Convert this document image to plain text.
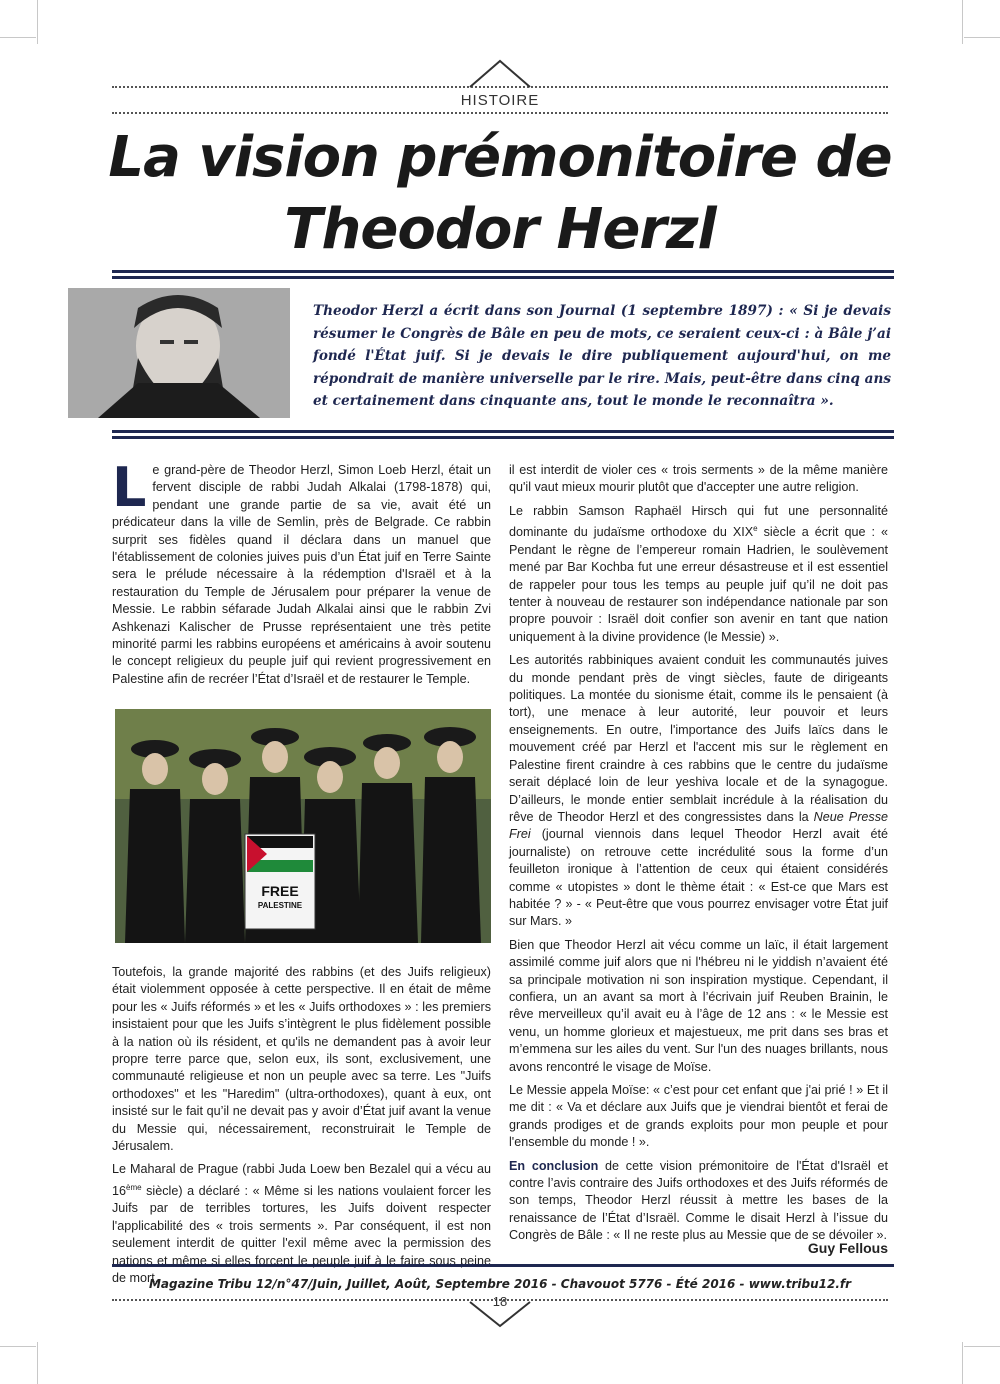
HISTOIRE
La vision prémonitoire de
Theodor Herzl

Theodor Herzl a écrit dans son Journal (1 septembre 1897) : « Si je devais résumer le Congrès de Bâle en peu de mots, ce seraient ceux-ci : à Bâle j’ai fondé l'État juif. Si je devais le dire publiquement aujourd'hui, on me répondrait de manière universelle par le rire. Mais, peut-être dans cinq ans et certainement dans cinquante ans, tout le monde le reconnaîtra ».

Le grand-père de Theodor Herzl, Simon Loeb Herzl, était un fervent disciple de rabbi Judah Alkalai (1798-1878) qui, pendant une grande partie de sa vie, avait été un prédicateur dans la ville de Semlin, près de Belgrade. Ce rabbin surprit ses fidèles quand il déclara dans un manuel que l'établissement de colonies juives puis d’un État juif en Terre Sainte sera le prélude nécessaire à la rédemption d'Israël et à la restauration du Temple de Jérusalem pour préparer la venue de Messie. Le rabbin séfarade Judah Alkalai ainsi que le rabbin Zvi Ashkenazi Kalischer de Prusse représentaient une très petite minorité parmi les rabbins européens et américains à avoir soutenu le concept religieux du peuple juif qui revient progressivement en Palestine afin de recréer l’État d’Israël et de restaurer le Temple.

FREE
PALESTINE

Toutefois, la grande majorité des rabbins (et des Juifs religieux) était violemment opposée à cette perspective. Il en était de même pour les « Juifs réformés » et les « Juifs orthodoxes » : les premiers insistaient pour que les Juifs s’intègrent le plus fidèlement possible à la nation où ils résident, et qu'ils ne demandent pas à avoir leur propre terre parce que, selon eux, ils sont, exclusivement, une communauté religieuse et non un peuple avec sa terre. Les "Juifs orthodoxes" et les "Haredim" (ultra-orthodoxes), quant à eux, ont insisté sur le fait qu’il ne devait pas y avoir d’État juif avant la venue du Messie qui, nécessairement, reconstruirait le Temple de Jérusalem.

Le Maharal de Prague (rabbi Juda Loew ben Bezalel qui a vécu au 16ème siècle) a déclaré : « Même si les nations voulaient forcer les Juifs par de terribles tortures, les Juifs doivent respecter l'applicabilité des « trois serments ». Par conséquent, il est non seulement interdit de quitter l'exil même avec la permission des nations et même si elles forcent le peuple juif à le faire sous peine de mort,

il est interdit de violer ces « trois serments » de la même manière qu'il vaut mieux mourir plutôt que d'accepter une autre religion.

Le rabbin Samson Raphaël Hirsch qui fut une personnalité dominante du judaïsme orthodoxe du XIXe siècle a écrit que : « Pendant le règne de l’empereur romain Hadrien, le soulèvement mené par Bar Kochba fut une erreur désastreuse et il est essentiel de rappeler pour tous les temps au peuple juif qu’il ne doit pas tenter à nouveau de restaurer son indépendance nationale par son propre pouvoir : Israël doit confier son avenir en tant que nation uniquement à la divine providence (le Messie) ».

Les autorités rabbiniques avaient conduit les communautés juives du monde pendant près de vingt siècles, faute de dirigeants politiques. La montée du sionisme était, comme ils le pensaient (à tort), une menace à leur autorité, leur pouvoir et leurs enseignements. En outre, l'importance des Juifs laïcs dans le mouvement créé par Herzl et l'accent mis sur le règlement en Palestine firent craindre à ces rabbins que le centre du judaïsme serait déplacé loin de leur yeshiva locale et de la synagogue. D’ailleurs, le monde entier semblait incrédule à la réalisation du rêve de Theodor Herzl et des congressistes dans la Neue Presse Frei (journal viennois dans lequel Theodor Herzl avait été journaliste) on retrouve cette incrédulité sous la forme d’un feuilleton ironique à l’attention de ceux qui étaient considérés comme « utopistes » dont le thème était : « Est-ce que Mars est habitée ? » - « Peut-être que vous pourrez envisager votre État juif sur Mars. »

Bien que Theodor Herzl ait vécu comme un laïc, il était largement assimilé comme juif alors que ni l'hébreu ni le yiddish n’avaient été sa principale motivation ni son inspiration mystique. Cependant, il confiera, un an avant sa mort à l’écrivain juif Reuben Brainin, le rêve merveilleux qu’il avait eu à l’âge de 12 ans : « le Messie est venu, un homme glorieux et majestueux, me prit dans ses bras et m’emmena sur les ailes du vent. Sur l'un des nuages brillants, nous avons rencontré le visage de Moïse.

Le Messie appela Moïse: « c’est pour cet enfant que j'ai prié ! » Et il me dit : « Va et déclare aux Juifs que je viendrai bientôt et ferai de grands prodiges et de grands exploits pour mon peuple et pour l'ensemble du monde ! ».

En conclusion de cette vision prémonitoire de l'État d'Israël et contre l’avis contraire des Juifs orthodoxes et des Juifs réformés de son temps, Theodor Herzl réussit à mettre les bases de la renaissance de l’État d’Israël. Comme le disait Herzl à l’issue du Congrès de Bâle : « Il ne reste plus au Messie que de se dévoiler ».

Guy Fellous
Magazine Tribu 12/n°47/Juin, Juillet, Août, Septembre 2016 - Chavouot 5776 - Été 2016 - www.tribu12.fr
18
